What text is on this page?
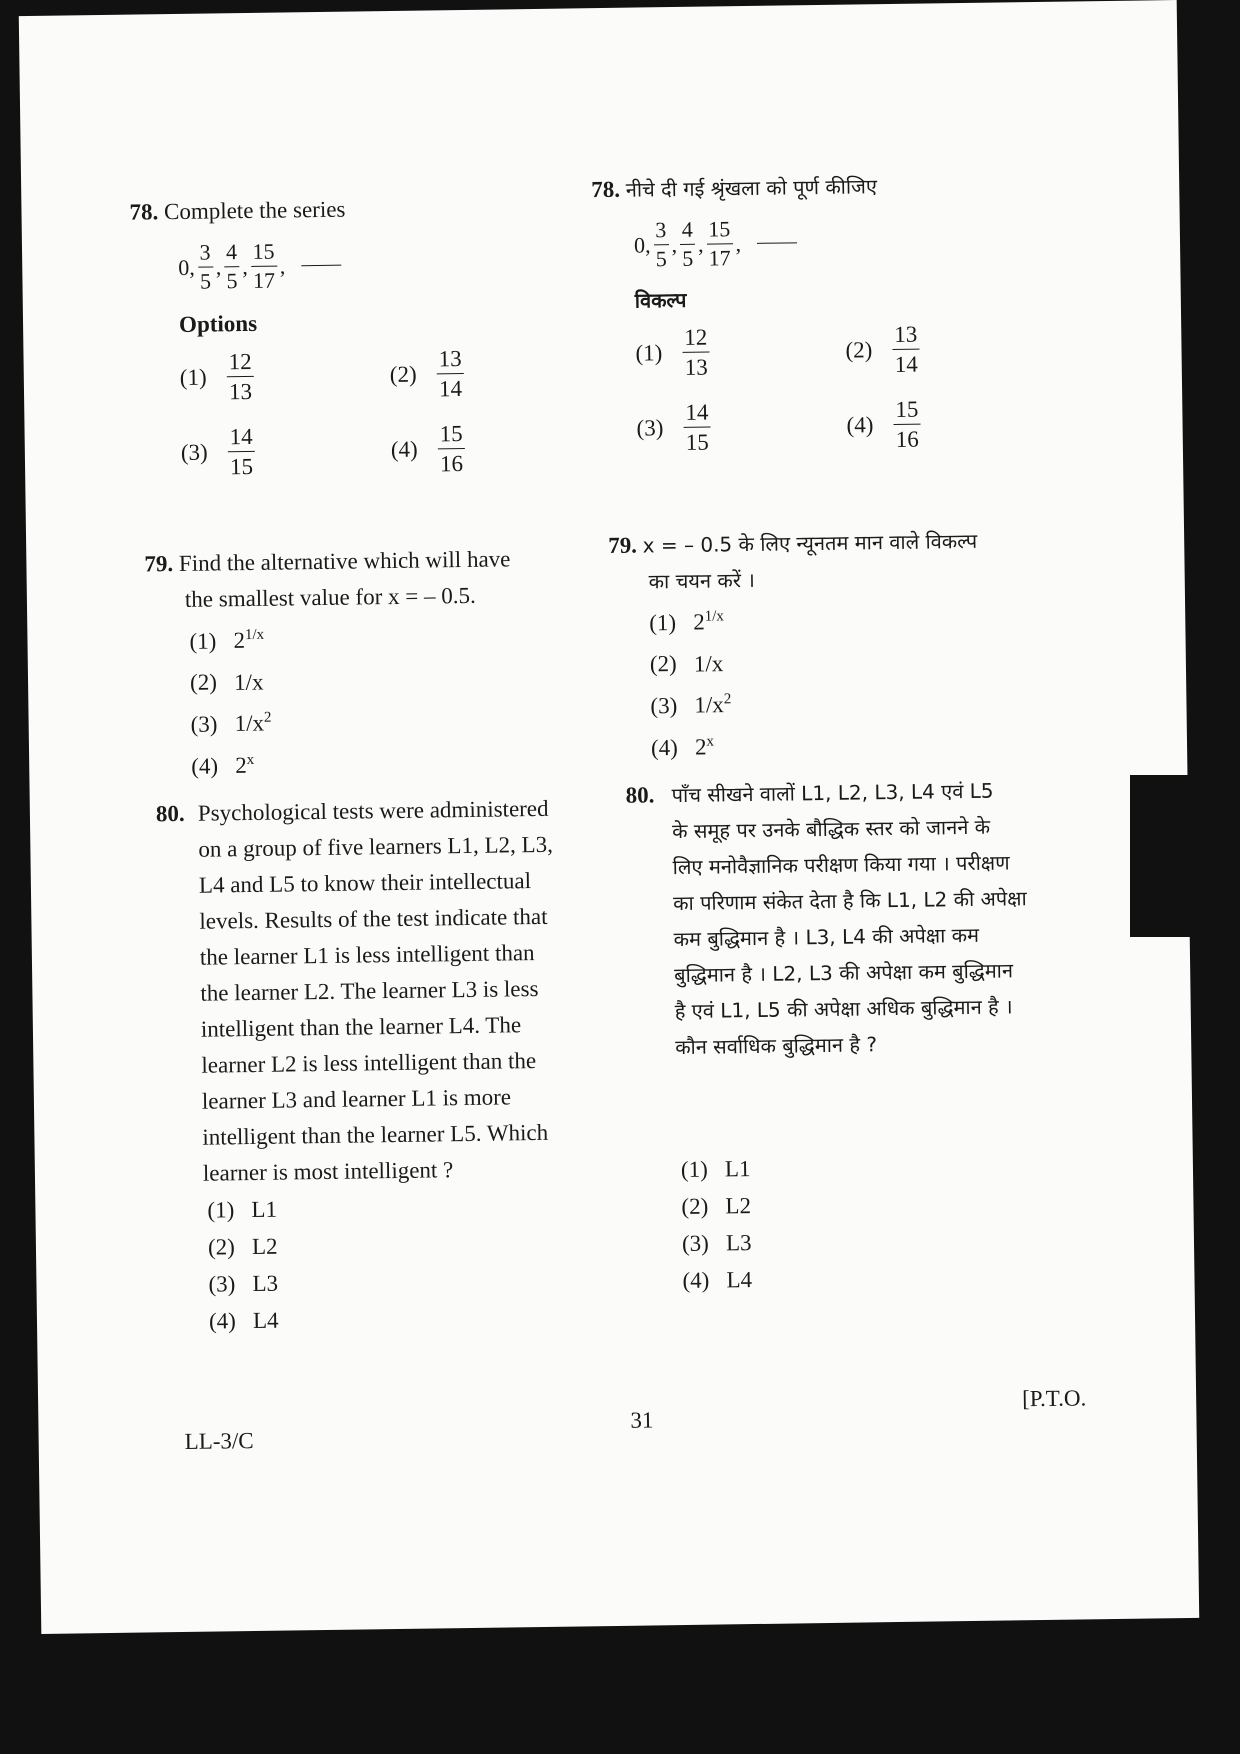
78. Complete the series
0, $\frac{3}{5}$ , $\frac{4}{5}$ , $\frac{15}{17}$ ,
Options
$(1) \frac{12}{13}$	$(2) \frac{13}{14}$
$(3) \frac{14}{15}$	$(4) \frac{15}{16}$
78. नीचे दी गई श्रृंखला को पूर्ण कीजिए
0, $\frac{3}{5}$ , $\frac{4}{5}$ , $\frac{15}{17}$ ,
विकल्प
$(1) \frac{12}{13}$	$(2) \frac{13}{14}$
$(3) \frac{14}{15}$	$(4) \frac{15}{16}$
79. Find the alternative which will have
the smallest value for x = – 0.5.
(1) $2^{1/x}$
(2) 1/x
(3) $1/x^2$
(4) 2$^x$
79. x = – 0.5 के लिए न्यूनतम मान वाले विकल्प
का चयन करें ।
(1) $2^{1/x}$
(2) 1/x
(3) $1/x^2$
(4) 2$^x$
80. Psychological tests were administered
on a group of five learners L1, L2, L3,
L4 and L5 to know their intellectual
levels. Results of the test indicate that
the learner L1 is less intelligent than
the learner L2. The learner L3 is less
intelligent than the learner L4. The
learner L2 is less intelligent than the
learner L3 and learner L1 is more
intelligent than the learner L5. Which
learner is most intelligent ?
(1) L1
(2) L2
(3) L3
(4) L4
80. पाँच सीखने वालों L1, L2, L3, L4 एवं L5
के समूह पर उनके बौद्धिक स्तर को जानने के
लिए मनोवैज्ञानिक परीक्षण किया गया । परीक्षण
का परिणाम संकेत देता है कि L1, L2 की अपेक्षा
कम बुद्धिमान है । L3, L4 की अपेक्षा कम
बुद्धिमान है । L2, L3 की अपेक्षा कम बुद्धिमान
है एवं L1, L5 की अपेक्षा अधिक बुद्धिमान है ।
कौन सर्वाधिक बुद्धिमान है ?
(1) L1
(2) L2
(3) L3
(4) L4
LL-3/C
31
[P.T.O.
